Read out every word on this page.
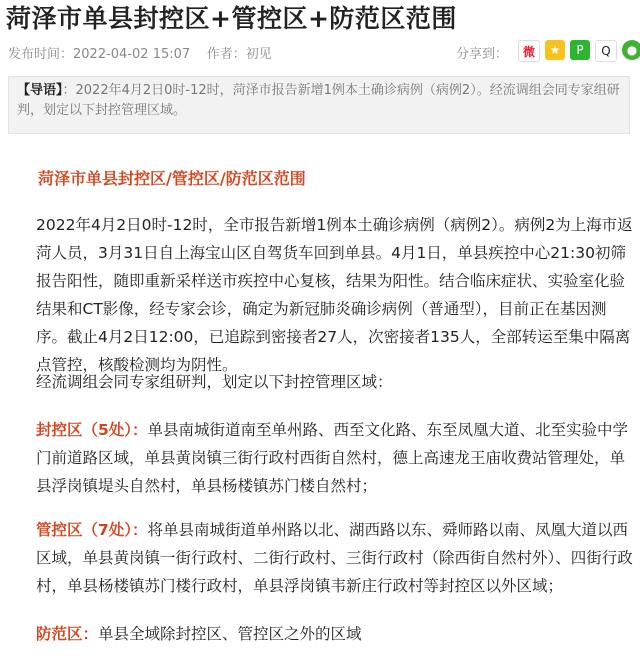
菏泽市单县封控区+管控区+防范区范围
发布时间：2022-04-02 15:07 作者：初见	分享到：	微	★	P	Q	●
【导语】：2022年4月2日0时-12时，菏泽市报告新增1例本土确诊病例（病例2）。经流调组会同专家组研判，划定以下封控管理区域。
菏泽市单县封控区/管控区/防范区范围
2022年4月2日0时-12时，全市报告新增1例本土确诊病例（病例2）。病例2为上海市返菏人员，3月31日自上海宝山区自驾货车回到单县。4月1日，单县疾控中心21:30初筛报告阳性，随即重新采样送市疾控中心复核，结果为阳性。结合临床症状、实验室化验结果和CT影像，经专家会诊，确定为新冠肺炎确诊病例（普通型），目前正在基因测序。截止4月2日12:00，已追踪到密接者27人，次密接者135人，全部转运至集中隔离点管控，核酸检测均为阴性。
经流调组会同专家组研判，划定以下封控管理区域：
封控区（5处）：单县南城街道南至单州路、西至文化路、东至凤凰大道、北至实验中学门前道路区域，单县黄岗镇三街行政村西街自然村，德上高速龙王庙收费站管理处，单县浮岗镇堤头自然村，单县杨楼镇苏门楼自然村；
管控区（7处）：将单县南城街道单州路以北、湖西路以东、舜师路以南、凤凰大道以西区域，单县黄岗镇一街行政村、二街行政村、三街行政村（除西街自然村外）、四街行政村，单县杨楼镇苏门楼行政村，单县浮岗镇韦新庄行政村等封控区以外区域；
防范区：单县全域除封控区、管控区之外的区域
